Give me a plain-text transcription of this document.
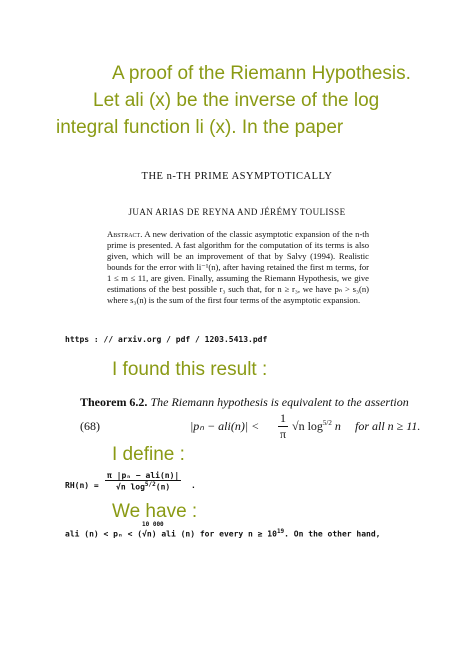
A proof of the Riemann Hypothesis.
Let ali (x) be the inverse of the log
integral function li (x). In the paper
THE n-TH PRIME ASYMPTOTICALLY
JUAN ARIAS DE REYNA AND JÉRÉMY TOULISSE
Abstract. A new derivation of the classic asymptotic expansion of the n-th prime is presented. A fast algorithm for the computation of its terms is also given, which will be an improvement of that by Salvy (1994). Realistic bounds for the error with li⁻¹(n), after having retained the first m terms, for 1 ≤ m ≤ 11, are given. Finally, assuming the Riemann Hypothesis, we give estimations of the best possible r₃ such that, for n ≥ r₃, we have pₙ > s₃(n) where s₃(n) is the sum of the first four terms of the asymptotic expansion.
https : // arxiv.org / pdf / 1203.5413.pdf
I found this result :
Theorem 6.2. The Riemann hypothesis is equivalent to the assertion
(68)	$|p_n - ali(n)| < \frac{1}{\pi} √n$ $\log^{5/2} n$ for all n ≥ 11.
I define :
RH(n) =
π |pₙ − ali(n)|
√n $\log^{5/2}(n)$	.
We have :
ali (n) < pₙ < (√n) ali (n) for every $n \ge 10^{19}$. On the other hand,
10 000
